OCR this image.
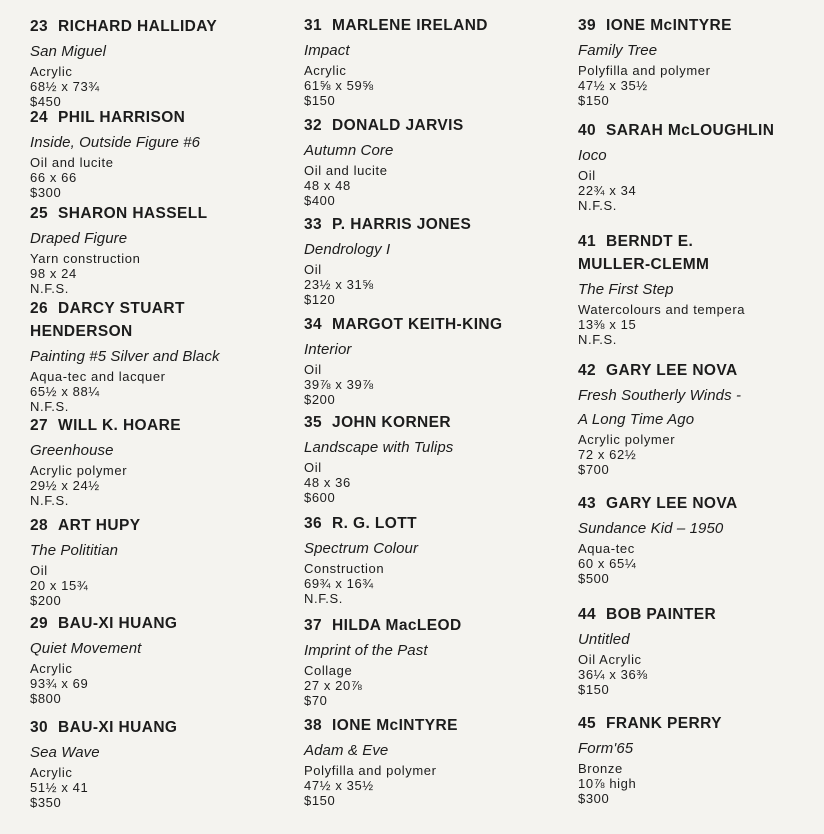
23 RICHARD HALLIDAY
San Miguel
Acrylic
68½ x 73¾
$450
24 PHIL HARRISON
Inside, Outside Figure #6
Oil and lucite
66 x 66
$300
25 SHARON HASSELL
Draped Figure
Yarn construction
98 x 24
N.F.S.
26 DARCY STUART
HENDERSON
Painting #5 Silver and Black
Aqua-tec and lacquer
65½ x 88¼
N.F.S.
27 WILL K. HOARE
Greenhouse
Acrylic polymer
29½ x 24½
N.F.S.
28 ART HUPY
The Polititian
Oil
20 x 15¾
$200
29 BAU-XI HUANG
Quiet Movement
Acrylic
93¾ x 69
$800
30 BAU-XI HUANG
Sea Wave
Acrylic
51½ x 41
$350
31 MARLENE IRELAND
Impact
Acrylic
61⅝ x 59⅝
$150
32 DONALD JARVIS
Autumn Core
Oil and lucite
48 x 48
$400
33 P. HARRIS JONES
Dendrology I
Oil
23½ x 31⅝
$120
34 MARGOT KEITH-KING
Interior
Oil
39⅞ x 39⅞
$200
35 JOHN KORNER
Landscape with Tulips
Oil
48 x 36
$600
36 R. G. LOTT
Spectrum Colour
Construction
69¾ x 16¾
N.F.S.
37 HILDA MacLEOD
Imprint of the Past
Collage
27 x 20⅞
$70
38 IONE McINTYRE
Adam & Eve
Polyfilla and polymer
47½ x 35½
$150
39 IONE McINTYRE
Family Tree
Polyfilla and polymer
47½ x 35½
$150
40 SARAH McLOUGHLIN
Ioco
Oil
22¾ x 34
N.F.S.
41 BERNDT E.
MULLER-CLEMM
The First Step
Watercolours and tempera
13⅜ x 15
N.F.S.
42 GARY LEE NOVA
Fresh Southerly Winds -
A Long Time Ago
Acrylic polymer
72 x 62½
$700
43 GARY LEE NOVA
Sundance Kid – 1950
Aqua-tec
60 x 65¼
$500
44 BOB PAINTER
Untitled
Oil Acrylic
36¼ x 36⅜
$150
45 FRANK PERRY
Form'65
Bronze
10⅞ high
$300
